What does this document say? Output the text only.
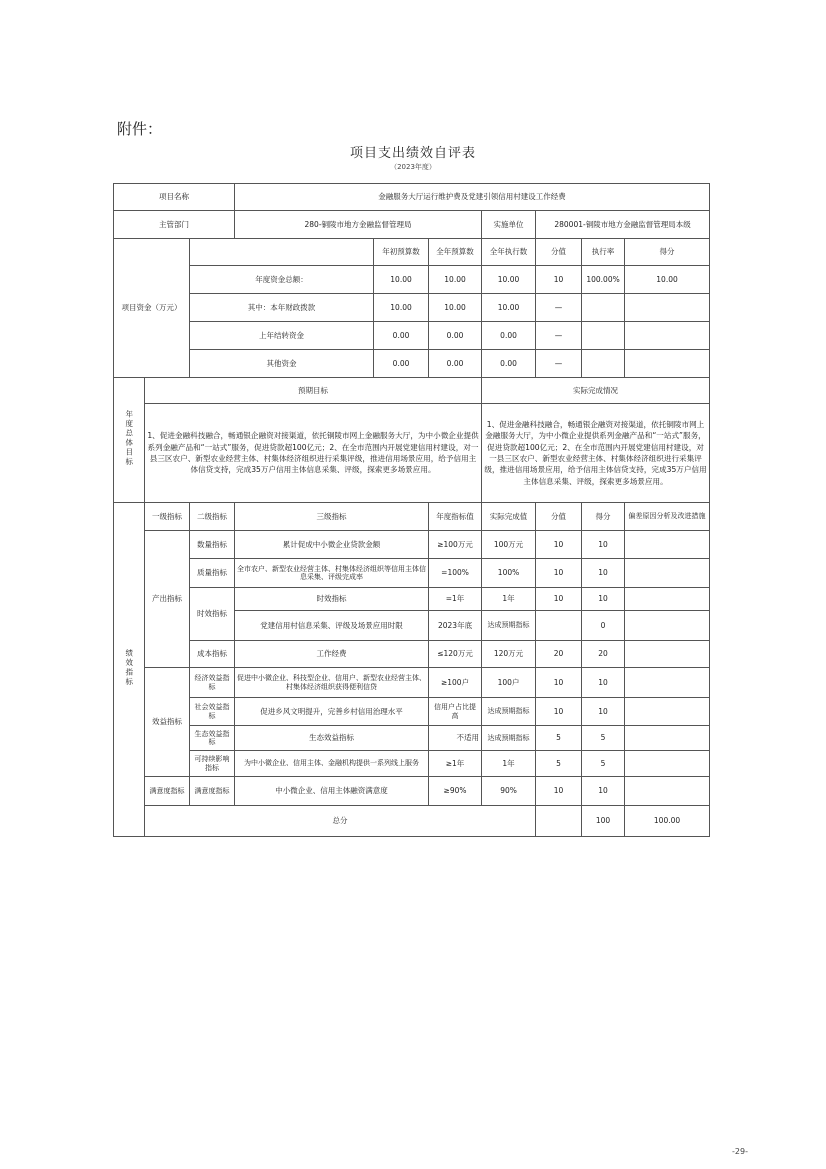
附件：
项目支出绩效自评表
（2023年度）
项目名称			金融服务大厅运行维护费及党建引领信用村建设工作经费							
主管部门			280-铜陵市地方金融监督管理局			实施单位	280001-铜陵市地方金融监督管理局本级			
项目资金（万元）				年初预算数	全年预算数	全年执行数	分值	执行率	得分	
		年度资金总额：		10.00	10.00	10.00	10	100.00%	10.00	
		其中：本年财政拨款		10.00	10.00	10.00	—			
		上年结转资金		0.00	0.00	0.00	—			
		其他资金		0.00	0.00	0.00	—			
年度总体目标	预期目标					实际完成情况				
	1、促进金融科技融合，畅通银企融资对接渠道，依托铜陵市网上金融服务大厅，为中小微企业提供系列金融产品和“一站式”服务，促进贷款超100亿元；2、在全市范围内开展党建信用村建设，对一县三区农户、新型农业经营主体、村集体经济组织进行采集评级，推进信用场景应用，给予信用主体信贷支持，完成35万户信用主体信息采集、评级，探索更多场景应用。					1、促进金融科技融合，畅通银企融资对接渠道，依托铜陵市网上金融服务大厅，为中小微企业提供系列金融产品和“一站式”服务，促进贷款超100亿元；2、在全市范围内开展党建信用村建设，对一县三区农户、新型农业经营主体、村集体经济组织进行采集评级，推进信用场景应用，给予信用主体信贷支持，完成35万户信用主体信息采集、评级，探索更多场景应用。				
绩效指标	一级指标	二级指标	三级指标		年度指标值	实际完成值	分值	得分	偏差原因分析及改进措施	
	产出指标	数量指标	累计促成中小微企业贷款金额		≥100万元	100万元	10	10		
		质量指标	全市农户、新型农业经营主体、村集体经济组织等信用主体信息采集、评级完成率		=100%	100%	10	10		
		时效指标	时效指标		=1年	1年	10	10		
			党建信用村信息采集、评级及场景应用时限		2023年底	达成预期指标		0		
		成本指标	工作经费		≤120万元	120万元	20	20		
	效益指标	经济效益指标	促进中小微企业、科技型企业、信用户、新型农业经营主体、村集体经济组织获得便利信贷		≥100户	100户	10	10		
		社会效益指标	促进乡风文明提升，完善乡村信用治理水平		信用户占比提高	达成预期指标	10	10		
		生态效益指标	生态效益指标		不适用	达成预期指标	5	5		
		可持续影响指标	为中小微企业、信用主体、金融机构提供一系列线上服务		≥1年	1年	5	5		
	满意度指标	满意度指标	中小微企业、信用主体融资满意度		≥90%	90%	10	10		
	总分							100	100.00	
-29-
